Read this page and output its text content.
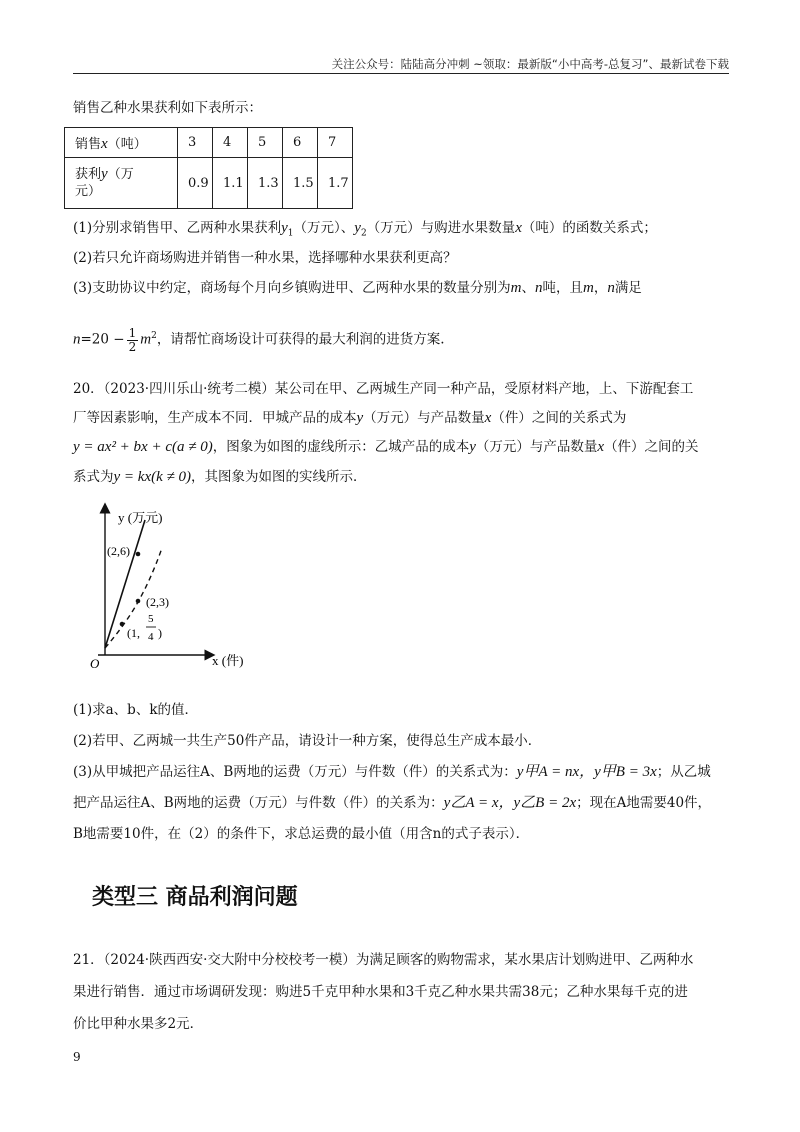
关注公众号：陆陆高分冲刺 ~领取：最新版“小中高考-总复习”、最新试卷下载
销售乙种水果获利如下表所示：
销售x（吨）	3	4	5	6	7
获利y（万
元）	0.9	1.1	1.3	1.5	1.7
(1)分别求销售甲、乙两种水果获利$y_1$（万元）、$y_2$（万元）与购进水果数量x（吨）的函数关系式；
(2)若只允许商场购进并销售一种水果，选择哪种水果获利更高？
(3)支助协议中约定，商场每个月向乡镇购进甲、乙两种水果的数量分别为m、n吨，且m，n满足
$n=20 - \frac{1}{2} m^2$，请帮忙商场设计可获得的最大利润的进货方案.
20．（2023·四川乐山·统考二模）某公司在甲、乙两城生产同一种产品，受原材料产地，上、下游配套工
厂等因素影响，生产成本不同．甲城产品的成本y（万元）与产品数量x（件）之间的关系式为
y = ax² + bx + c(a ≠ 0)，图象为如图的虚线所示：乙城产品的成本y（万元）与产品数量x（件）之间的关
系式为y = kx(k ≠ 0)，其图象为如图的实线所示．
y (万元)
x (件)
O
(2,6)
(2,3)
(1,
5
4 )
(1)求a、b、k的值．
(2)若甲、乙两城一共生产50件产品，请设计一种方案，使得总生产成本最小．
(3)从甲城把产品运往A、B两地的运费（万元）与件数（件）的关系式为：y甲A = nx，y甲B = 3x；从乙城
把产品运往A、B两地的运费（万元）与件数（件）的关系为：y乙A = x，y乙B = 2x；现在A地需要40件，
B地需要10件，在（2）的条件下，求总运费的最小值（用含n的式子表示）．
类型三 商品利润问题
21．（2024·陕西西安·交大附中分校校考一模）为满足顾客的购物需求，某水果店计划购进甲、乙两种水
果进行销售．通过市场调研发现：购进5千克甲种水果和3千克乙种水果共需38元；乙种水果每千克的进
价比甲种水果多2元．
9
